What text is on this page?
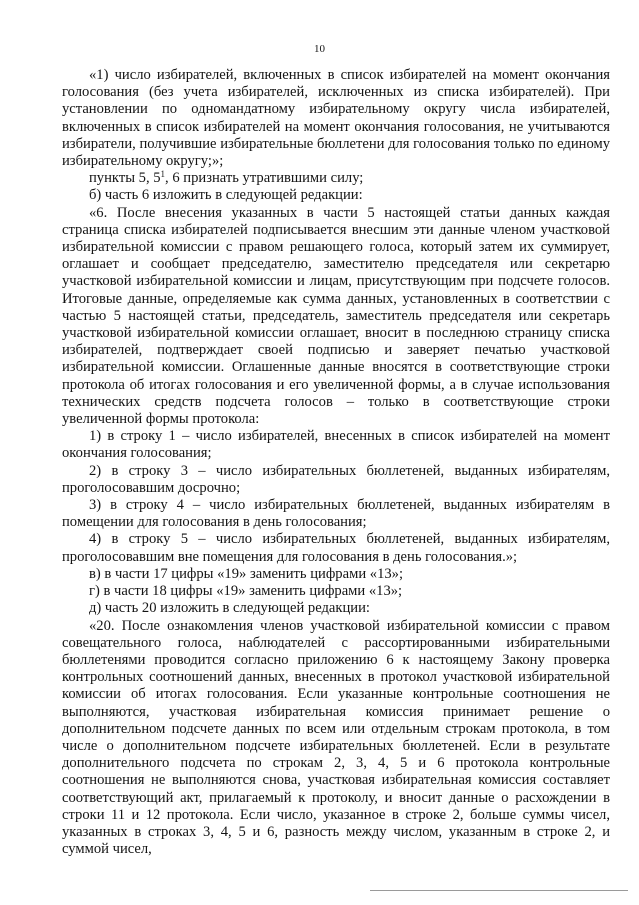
10

«1) число избирателей, включенных в список избирателей на момент окончания голосования (без учета избирателей, исключенных из списка избирателей). При установлении по одномандатному избирательному округу числа избирателей, включенных в список избирателей на момент окончания голосования, не учитываются избиратели, получившие избирательные бюллетени для голосования только по единому избирательному округу;»;

пункты 5, $5^1$, 6 признать утратившими силу;

б) часть 6 изложить в следующей редакции:

«6. После внесения указанных в части 5 настоящей статьи данных каждая страница списка избирателей подписывается внесшим эти данные членом участковой избирательной комиссии с правом решающего голоса, который затем их суммирует, оглашает и сообщает председателю, заместителю председателя или секретарю участковой избирательной комиссии и лицам, присутствующим при подсчете голосов. Итоговые данные, определяемые как сумма данных, установленных в соответствии с частью 5 настоящей статьи, председатель, заместитель председателя или секретарь участковой избирательной комиссии оглашает, вносит в последнюю страницу списка избирателей, подтверждает своей подписью и заверяет печатью участковой избирательной комиссии. Оглашенные данные вносятся в соответствующие строки протокола об итогах голосования и его увеличенной формы, а в случае использования технических средств подсчета голосов – только в соответствующие строки увеличенной формы протокола:

1) в строку 1 – число избирателей, внесенных в список избирателей на момент окончания голосования;

2) в строку 3 – число избирательных бюллетеней, выданных избирателям, проголосовавшим досрочно;

3) в строку 4 – число избирательных бюллетеней, выданных избирателям в помещении для голосования в день голосования;

4) в строку 5 – число избирательных бюллетеней, выданных избирателям, проголосовавшим вне помещения для голосования в день голосования.»;

в) в части 17 цифры «19» заменить цифрами «13»;

г) в части 18 цифры «19» заменить цифрами «13»;

д) часть 20 изложить в следующей редакции:

«20. После ознакомления членов участковой избирательной комиссии с правом совещательного голоса, наблюдателей с рассортированными избирательными бюллетенями проводится согласно приложению 6 к настоящему Закону проверка контрольных соотношений данных, внесенных в протокол участковой избирательной комиссии об итогах голосования. Если указанные контрольные соотношения не выполняются, участковая избирательная комиссия принимает решение о дополнительном подсчете данных по всем или отдельным строкам протокола, в том числе о дополнительном подсчете избирательных бюллетеней. Если в результате дополнительного подсчета по строкам 2, 3, 4, 5 и 6 протокола контрольные соотношения не выполняются снова, участковая избирательная комиссия составляет соответствующий акт, прилагаемый к протоколу, и вносит данные о расхождении в строки 11 и 12 протокола. Если число, указанное в строке 2, больше суммы чисел, указанных в строках 3, 4, 5 и 6, разность между числом, указанным в строке 2, и суммой чисел,
